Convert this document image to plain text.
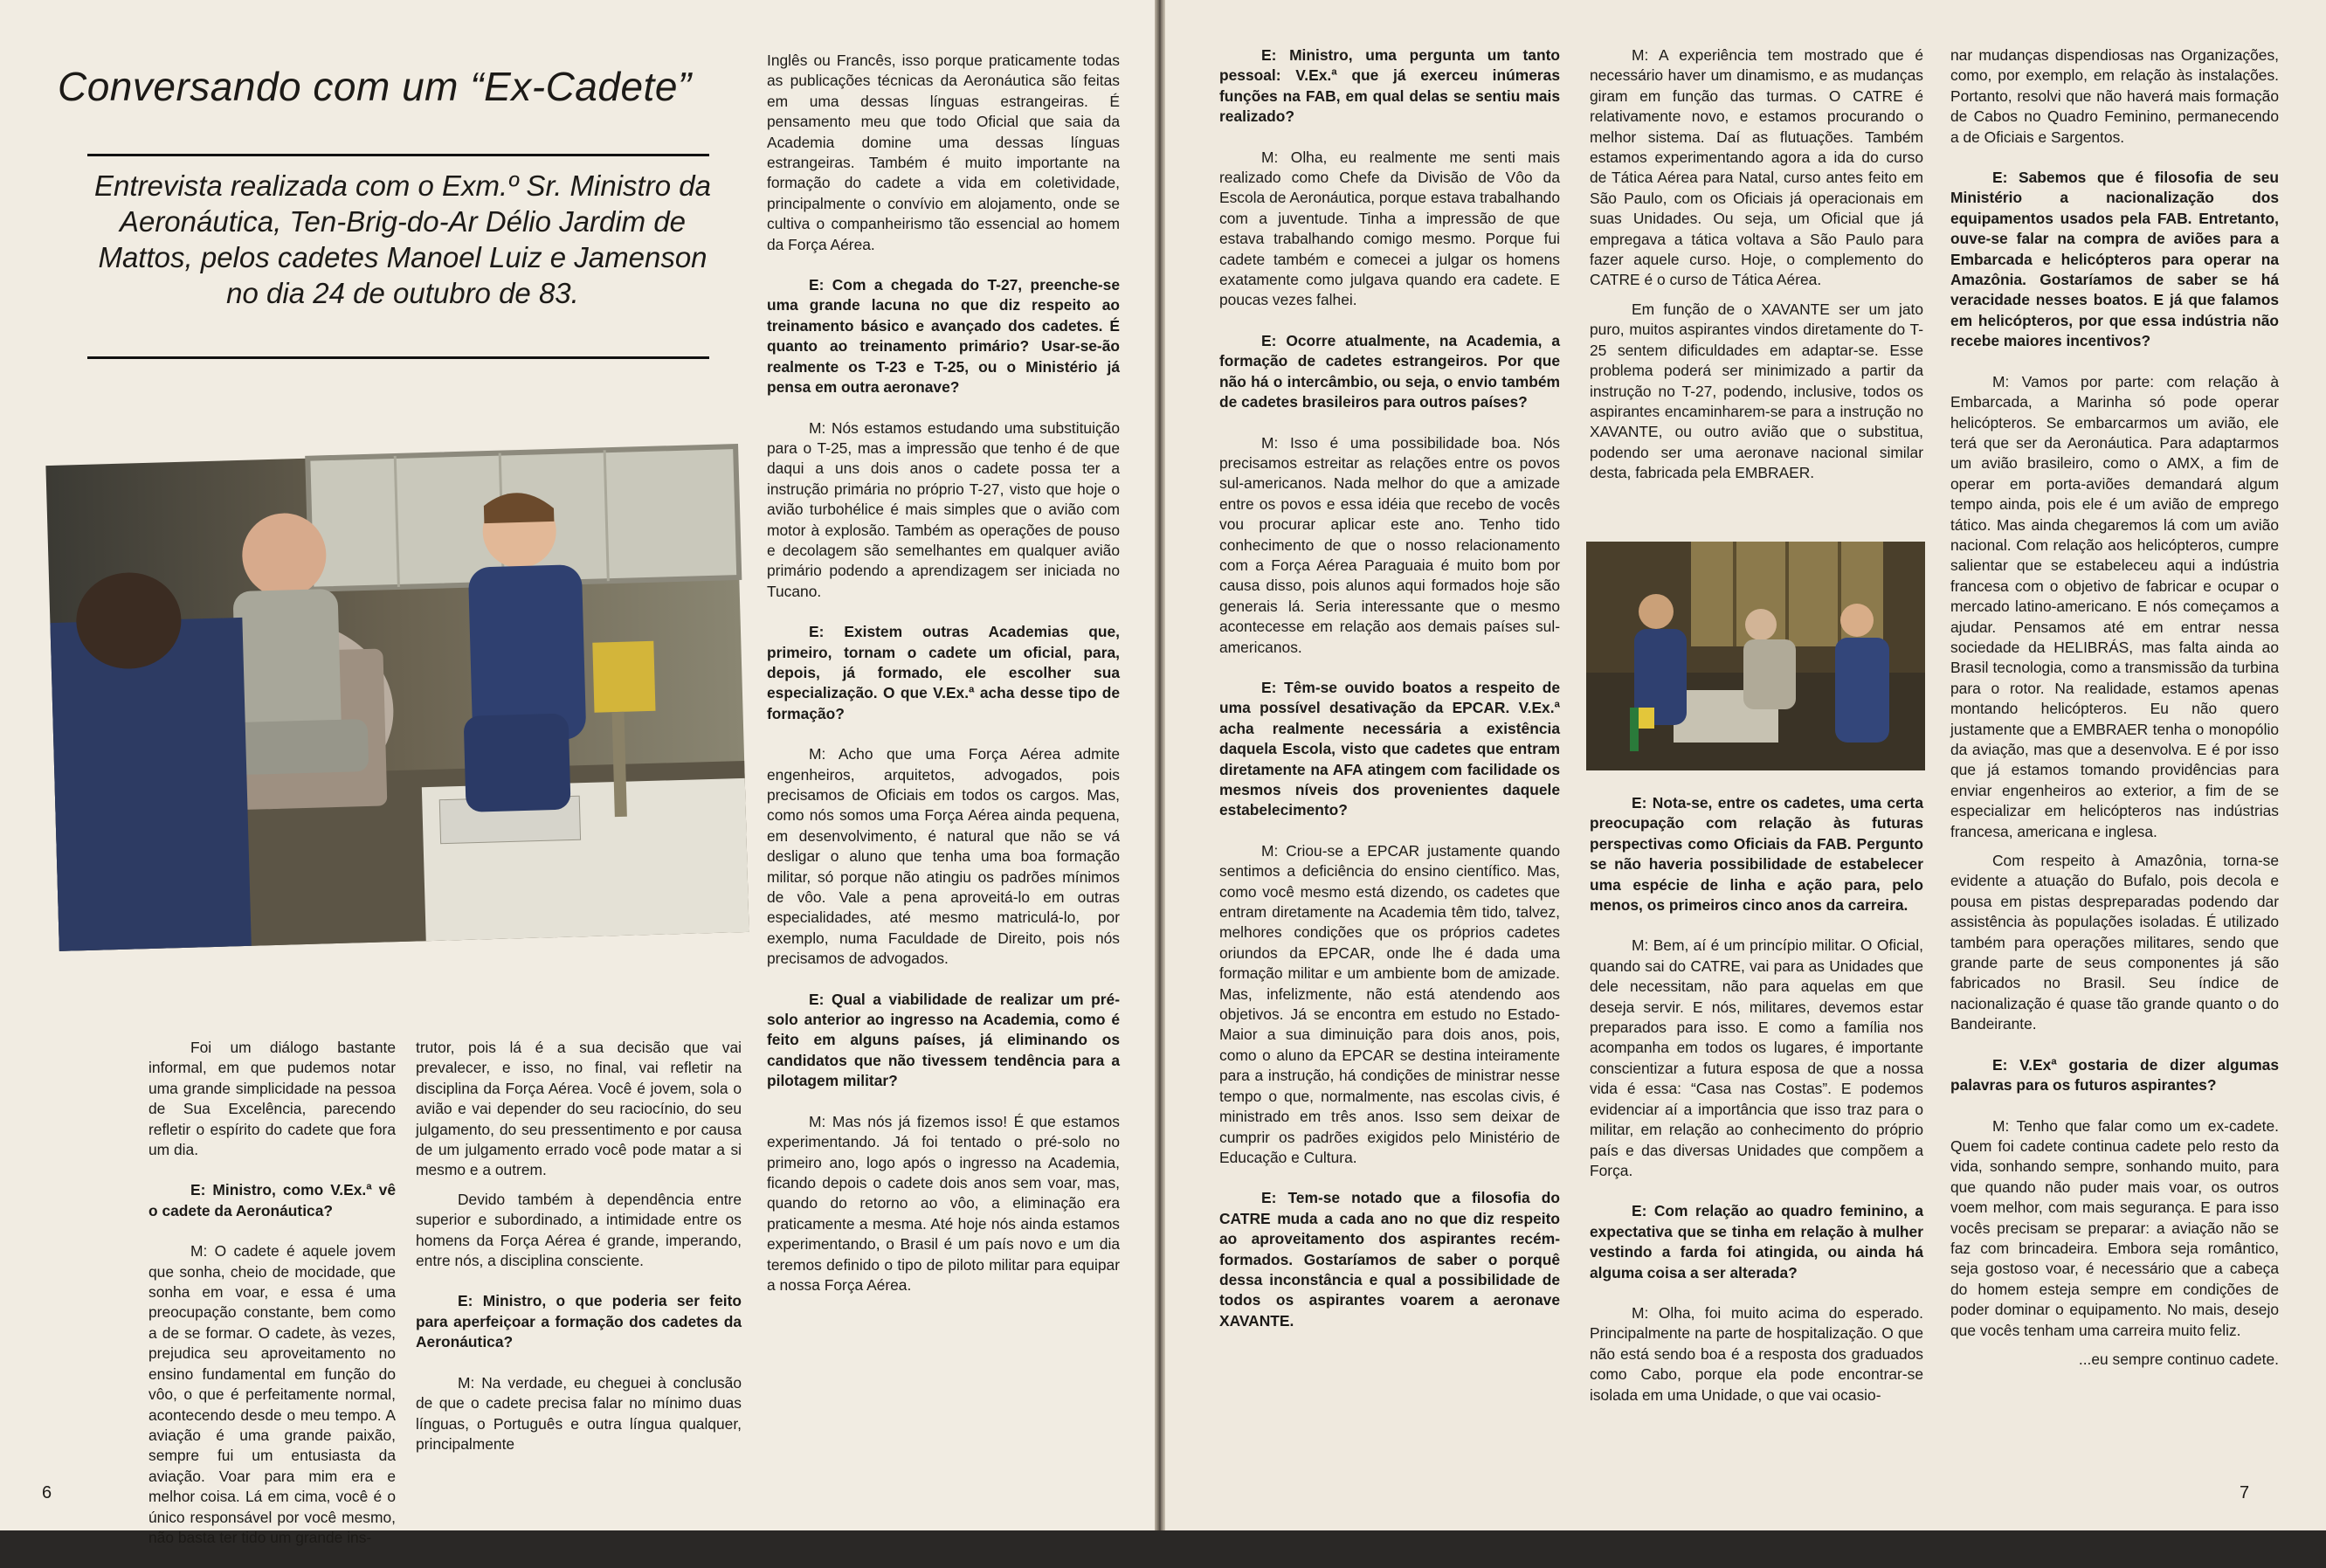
Conversando com um “Ex-Cadete”
Entrevista realizada com o Exm.º Sr. Ministro da Aeronáutica, Ten-Brig-do-Ar Délio Jardim de Mattos, pelos cadetes Manoel Luiz e Jamenson no dia 24 de outubro de 83.

Foi um diálogo bastante informal, em que pudemos notar uma grande simplicidade na pessoa de Sua Excelência, parecendo refletir o espírito do cadete que fora um dia.

E: Ministro, como V.Ex.ª vê o cadete da Aeronáutica?

M: O cadete é aquele jovem que sonha, cheio de mocidade, que sonha em voar, e essa é uma preocupação constante, bem como a de se formar. O cadete, às vezes, prejudica seu aproveitamento no ensino fundamental em função do vôo, o que é perfeitamente normal, acontecendo desde o meu tempo. A aviação é uma grande paixão, sempre fui um entusiasta da aviação. Voar para mim era e melhor coisa. Lá em cima, você é o único responsável por você mesmo, não basta ter tido um grande ins-

trutor, pois lá é a sua decisão que vai prevalecer, e isso, no final, vai refletir na disciplina da Força Aérea. Você é jovem, sola o avião e vai depender do seu raciocínio, do seu julgamento, do seu pressentimento e por causa de um julgamento errado você pode matar a si mesmo e a outrem.

Devido também à dependência entre superior e subordinado, a intimidade entre os homens da Força Aérea é grande, imperando, entre nós, a disciplina consciente.

E: Ministro, o que poderia ser feito para aperfeiçoar a formação dos cadetes da Aeronáutica?

M: Na verdade, eu cheguei à conclusão de que o cadete precisa falar no mínimo duas línguas, o Português e outra língua qualquer, principalmente

Inglês ou Francês, isso porque praticamente todas as publicações técnicas da Aeronáutica são feitas em uma dessas línguas estrangeiras. É pensamento meu que todo Oficial que saia da Academia domine uma dessas línguas estrangeiras. Também é muito importante na formação do cadete a vida em coletividade, principalmente o convívio em alojamento, onde se cultiva o companheirismo tão essencial ao homem da Força Aérea.

E: Com a chegada do T-27, preenche-se uma grande lacuna no que diz respeito ao treinamento básico e avançado dos cadetes. É quanto ao treinamento primário? Usar-se-ão realmente os T-23 e T-25, ou o Ministério já pensa em outra aeronave?

M: Nós estamos estudando uma substituição para o T-25, mas a impressão que tenho é de que daqui a uns dois anos o cadete possa ter a instrução primária no próprio T-27, visto que hoje o avião turbohélice é mais simples que o avião com motor à explosão. Também as operações de pouso e decolagem são semelhantes em qualquer avião primário podendo a aprendizagem ser iniciada no Tucano.

E: Existem outras Academias que, primeiro, tornam o cadete um oficial, para, depois, já formado, ele escolher sua especialização. O que V.Ex.ª acha desse tipo de formação?

M: Acho que uma Força Aérea admite engenheiros, arquitetos, advogados, pois precisamos de Oficiais em todos os cargos. Mas, como nós somos uma Força Aérea ainda pequena, em desenvolvimento, é natural que não se vá desligar o aluno que tenha uma boa formação militar, só porque não atingiu os padrões mínimos de vôo. Vale a pena aproveitá-lo em outras especialidades, até mesmo matriculá-lo, por exemplo, numa Faculdade de Direito, pois nós precisamos de advogados.

E: Qual a viabilidade de realizar um pré-solo anterior ao ingresso na Academia, como é feito em alguns países, já eliminando os candidatos que não tivessem tendência para a pilotagem militar?

M: Mas nós já fizemos isso! É que estamos experimentando. Já foi tentado o pré-solo no primeiro ano, logo após o ingresso na Academia, ficando depois o cadete dois anos sem voar, mas, quando do retorno ao vôo, a eliminação era praticamente a mesma. Até hoje nós ainda estamos experimentando, o Brasil é um país novo e um dia teremos definido o tipo de piloto militar para equipar a nossa Força Aérea.

6

E: Ministro, uma pergunta um tanto pessoal: V.Ex.ª que já exerceu inúmeras funções na FAB, em qual delas se sentiu mais realizado?

M: Olha, eu realmente me senti mais realizado como Chefe da Divisão de Vôo da Escola de Aeronáutica, porque estava trabalhando com a juventude. Tinha a impressão de que estava trabalhando comigo mesmo. Porque fui cadete também e comecei a julgar os homens exatamente como julgava quando era cadete. E poucas vezes falhei.

E: Ocorre atualmente, na Academia, a formação de cadetes estrangeiros. Por que não há o intercâmbio, ou seja, o envio também de cadetes brasileiros para outros países?

M: Isso é uma possibilidade boa. Nós precisamos estreitar as relações entre os povos sul-americanos. Nada melhor do que a amizade entre os povos e essa idéia que recebo de vocês vou procurar aplicar este ano. Tenho tido conhecimento de que o nosso relacionamento com a Força Aérea Paraguaia é muito bom por causa disso, pois alunos aqui formados hoje são generais lá. Seria interessante que o mesmo acontecesse em relação aos demais países sul-americanos.

E: Têm-se ouvido boatos a respeito de uma possível desativação da EPCAR. V.Ex.ª acha realmente necessária a existência daquela Escola, visto que cadetes que entram diretamente na AFA atingem com facilidade os mesmos níveis dos provenientes daquele estabelecimento?

M: Criou-se a EPCAR justamente quando sentimos a deficiência do ensino científico. Mas, como você mesmo está dizendo, os cadetes que entram diretamente na Academia têm tido, talvez, melhores condições que os próprios cadetes oriundos da EPCAR, onde lhe é dada uma formação militar e um ambiente bom de amizade. Mas, infelizmente, não está atendendo aos objetivos. Já se encontra em estudo no Estado-Maior a sua diminuição para dois anos, pois, como o aluno da EPCAR se destina inteiramente para a instrução, há condições de ministrar nesse tempo o que, normalmente, nas escolas civis, é ministrado em três anos. Isso sem deixar de cumprir os padrões exigidos pelo Ministério de Educação e Cultura.

E: Tem-se notado que a filosofia do CATRE muda a cada ano no que diz respeito ao aproveitamento dos aspirantes recém-formados. Gostaríamos de saber o porquê dessa inconstância e qual a possibilidade de todos os aspirantes voarem a aeronave XAVANTE.

M: A experiência tem mostrado que é necessário haver um dinamismo, e as mudanças giram em função das turmas. O CATRE é relativamente novo, e estamos procurando o melhor sistema. Daí as flutuações. Também estamos experimentando agora a ida do curso de Tática Aérea para Natal, curso antes feito em São Paulo, com os Oficiais já operacionais em suas Unidades. Ou seja, um Oficial que já empregava a tática voltava a São Paulo para fazer aquele curso. Hoje, o complemento do CATRE é o curso de Tática Aérea.

Em função de o XAVANTE ser um jato puro, muitos aspirantes vindos diretamente do T-25 sentem dificuldades em adaptar-se. Esse problema poderá ser minimizado a partir da instrução no T-27, podendo, inclusive, todos os aspirantes encaminharem-se para a instrução no XAVANTE, ou outro avião que o substitua, podendo ser uma aeronave nacional similar desta, fabricada pela EMBRAER.

E: Nota-se, entre os cadetes, uma certa preocupação com relação às futuras perspectivas como Oficiais da FAB. Pergunto se não haveria possibilidade de estabelecer uma espécie de linha e ação para, pelo menos, os primeiros cinco anos da carreira.

M: Bem, aí é um princípio militar. O Oficial, quando sai do CATRE, vai para as Unidades que dele necessitam, não para aquelas em que deseja servir. E nós, militares, devemos estar preparados para isso. E como a família nos acompanha em todos os lugares, é importante conscientizar a futura esposa de que a nossa vida é essa: “Casa nas Costas”. E podemos evidenciar aí a importância que isso traz para o militar, em relação ao conhecimento do próprio país e das diversas Unidades que compõem a Força.

E: Com relação ao quadro feminino, a expectativa que se tinha em relação à mulher vestindo a farda foi atingida, ou ainda há alguma coisa a ser alterada?

M: Olha, foi muito acima do esperado. Principalmente na parte de hospitalização. O que não está sendo boa é a resposta dos graduados como Cabo, porque ela pode encontrar-se isolada em uma Unidade, o que vai ocasio-

nar mudanças dispendiosas nas Organizações, como, por exemplo, em relação às instalações. Portanto, resolvi que não haverá mais formação de Cabos no Quadro Feminino, permanecendo a de Oficiais e Sargentos.

E: Sabemos que é filosofia de seu Ministério a nacionalização dos equipamentos usados pela FAB. Entretanto, ouve-se falar na compra de aviões para a Embarcada e helicópteros para operar na Amazônia. Gostaríamos de saber se há veracidade nesses boatos. E já que falamos em helicópteros, por que essa indústria não recebe maiores incentivos?

M: Vamos por parte: com relação à Embarcada, a Marinha só pode operar helicópteros. Se embarcarmos um avião, ele terá que ser da Aeronáutica. Para adaptarmos um avião brasileiro, como o AMX, a fim de operar em porta-aviões demandará algum tempo ainda, pois ele é um avião de emprego tático. Mas ainda chegaremos lá com um avião nacional. Com relação aos helicópteros, cumpre salientar que se estabeleceu aqui a indústria francesa com o objetivo de fabricar e ocupar o mercado latino-americano. E nós começamos a ajudar. Pensamos até em entrar nessa sociedade da HELIBRÁS, mas falta ainda ao Brasil tecnologia, como a transmissão da turbina para o rotor. Na realidade, estamos apenas montando helicópteros. Eu não quero justamente que a EMBRAER tenha o monopólio da aviação, mas que a desenvolva. E é por isso que já estamos tomando providências para enviar engenheiros ao exterior, a fim de se especializar em helicópteros nas indústrias francesa, americana e inglesa.

Com respeito à Amazônia, torna-se evidente a atuação do Bufalo, pois decola e pousa em pistas despreparadas podendo dar assistência às populações isoladas. É utilizado também para operações militares, sendo que grande parte de seus componentes já são fabricados no Brasil. Seu índice de nacionalização é quase tão grande quanto o do Bandeirante.

E: V.Exª gostaria de dizer algumas palavras para os futuros aspirantes?

M: Tenho que falar como um ex-cadete. Quem foi cadete continua cadete pelo resto da vida, sonhando sempre, sonhando muito, para que quando não puder mais voar, os outros voem melhor, com mais segurança. E para isso vocês precisam se preparar: a aviação não se faz com brincadeira. Embora seja romântico, seja gostoso voar, é necessário que a cabeça do homem esteja sempre em condições de poder dominar o equipamento. No mais, desejo que vocês tenham uma carreira muito feliz.

...eu sempre continuo cadete.

7
